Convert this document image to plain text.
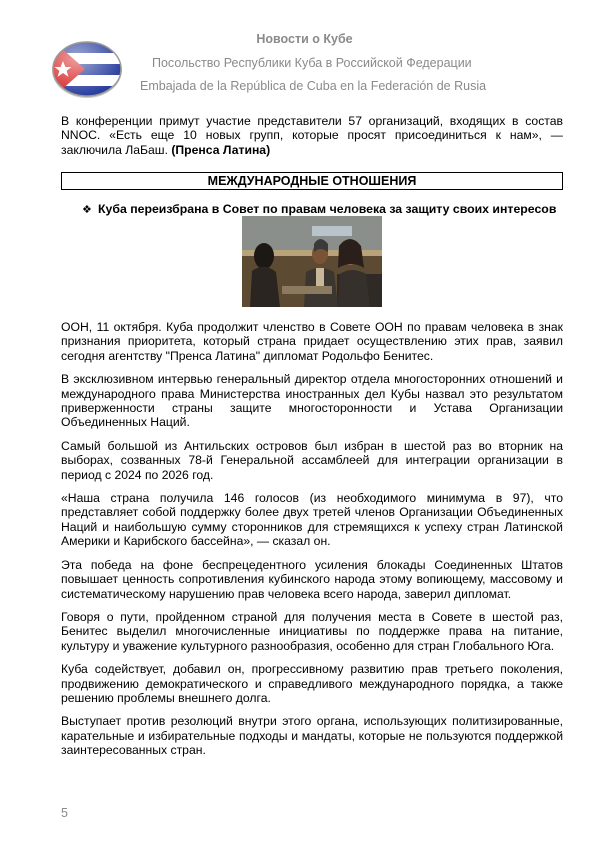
Новости о Кубе
Посольство Республики Куба в Российской Федерации
Embajada de la República de Cuba en la Federación de Rusia

В конференции примут участие представители 57 организаций, входящих в состав NNOC. «Есть еще 10 новых групп, которые просят присоединиться к нам», — заключила ЛаБаш. (Пренса Латина)

МЕЖДУНАРОДНЫЕ ОТНОШЕНИЯ
❖ Куба переизбрана в Совет по правам человека за защиту своих интересов

ООН, 11 октября. Куба продолжит членство в Совете ООН по правам человека в знак признания приоритета, который страна придает осуществлению этих прав, заявил сегодня агентству "Пренса Латина" дипломат Родольфо Бенитес.

В эксклюзивном интервью генеральный директор отдела многосторонних отношений и международного права Министерства иностранных дел Кубы назвал это результатом приверженности страны защите многосторонности и Устава Организации Объединенных Наций.

Самый большой из Антильских островов был избран в шестой раз во вторник на выборах, созванных 78-й Генеральной ассамблеей для интеграции организации в период с 2024 по 2026 год.

«Наша страна получила 146 голосов (из необходимого минимума в 97), что представляет собой поддержку более двух третей членов Организации Объединенных Наций и наибольшую сумму сторонников для стремящихся к успеху стран Латинской Америки и Карибского бассейна», — сказал он.

Эта победа на фоне беспрецедентного усиления блокады Соединенных Штатов повышает ценность сопротивления кубинского народа этому вопиющему, массовому и систематическому нарушению прав человека всего народа, заверил дипломат.

Говоря о пути, пройденном страной для получения места в Совете в шестой раз, Бенитес выделил многочисленные инициативы по поддержке права на питание, культуру и уважение культурного разнообразия, особенно для стран Глобального Юга.

Куба содействует, добавил он, прогрессивному развитию прав третьего поколения, продвижению демократического и справедливого международного порядка, а также решению проблемы внешнего долга.

Выступает против резолюций внутри этого органа, использующих политизированные, карательные и избирательные подходы и мандаты, которые не пользуются поддержкой заинтересованных стран.

5
